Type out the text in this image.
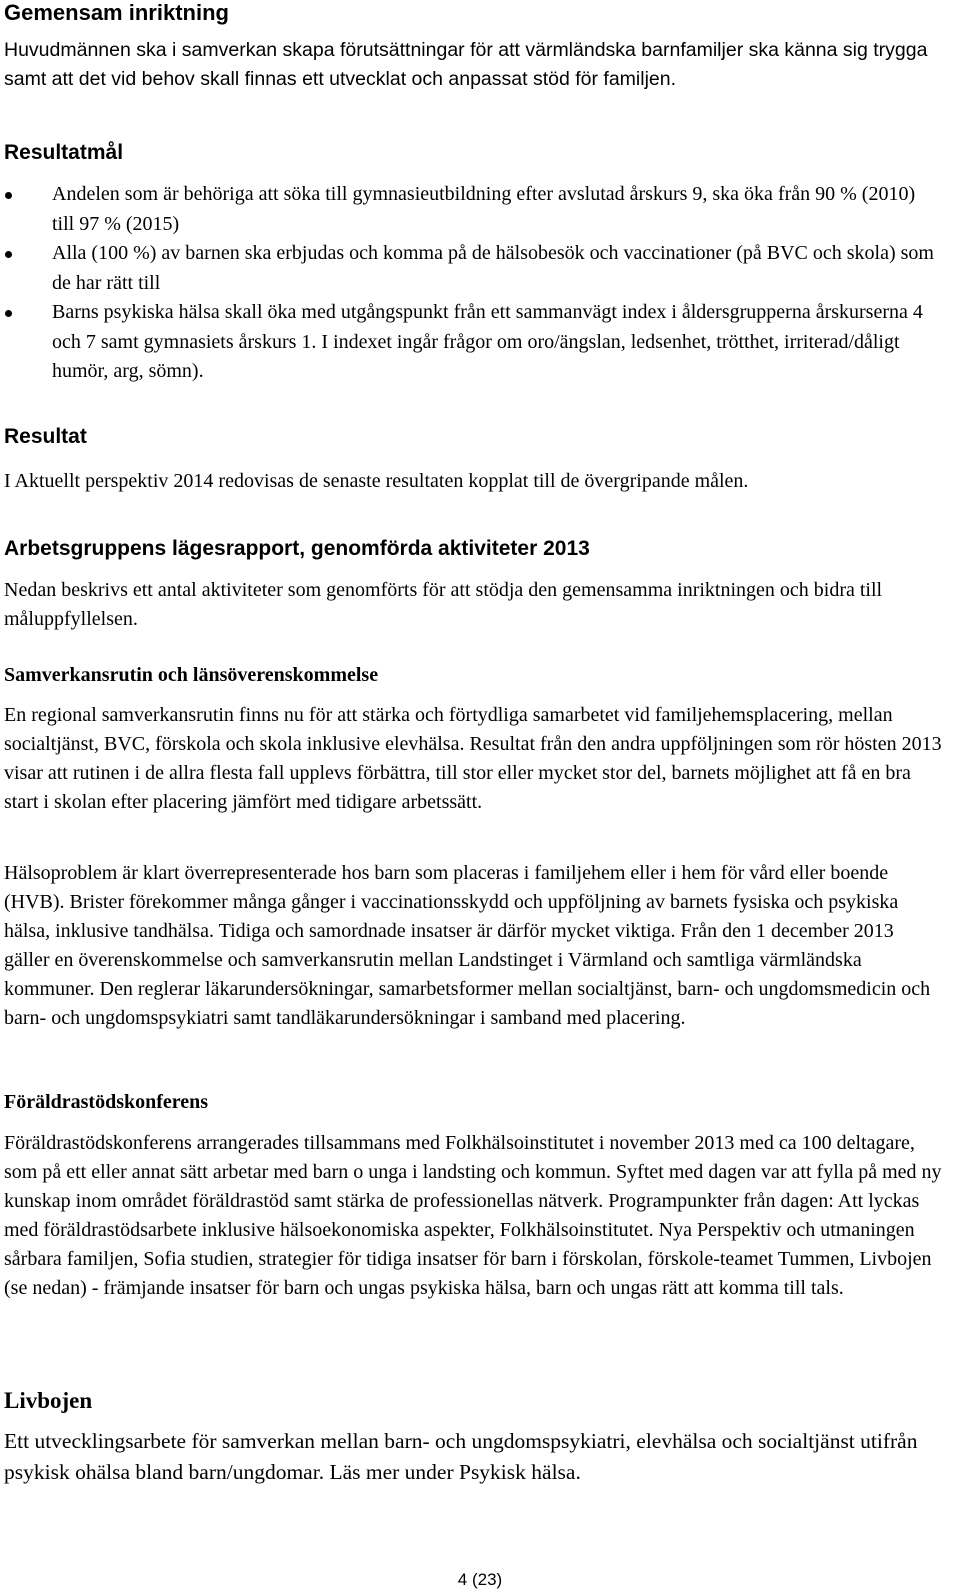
Gemensam inriktning

Huvudmännen ska i samverkan skapa förutsättningar för att värmländska barnfamiljer ska känna sig trygga samt att det vid behov skall finnas ett utvecklat och anpassat stöd för familjen.

Resultatmål
Andelen som är behöriga att söka till gymnasieutbildning efter avslutad årskurs 9, ska öka från 90 % (2010) till 97 % (2015)
Alla (100 %) av barnen ska erbjudas och komma på de hälsobesök och vaccinationer (på BVC och skola) som de har rätt till
Barns psykiska hälsa skall öka med utgångspunkt från ett sammanvägt index i åldersgrupperna årskurserna 4 och 7 samt gymnasiets årskurs 1. I indexet ingår frågor om oro/ängslan, ledsenhet, trötthet, irriterad/dåligt humör, arg, sömn).
Resultat

I Aktuellt perspektiv 2014 redovisas de senaste resultaten kopplat till de övergripande målen.

Arbetsgruppens lägesrapport, genomförda aktiviteter 2013

Nedan beskrivs ett antal aktiviteter som genomförts för att stödja den gemensamma inriktningen och bidra till måluppfyllelsen.

Samverkansrutin och länsöverenskommelse

En regional samverkansrutin finns nu för att stärka och förtydliga samarbetet vid familjehemsplacering, mellan socialtjänst, BVC, förskola och skola inklusive elevhälsa. Resultat från den andra uppföljningen som rör hösten 2013 visar att rutinen i de allra flesta fall upplevs förbättra, till stor eller mycket stor del, barnets möjlighet att få en bra start i skolan efter placering jämfört med tidigare arbetssätt.

Hälsoproblem är klart överrepresenterade hos barn som placeras i familjehem eller i hem för vård eller boende (HVB). Brister förekommer många gånger i vaccinationsskydd och uppföljning av barnets fysiska och psykiska hälsa, inklusive tandhälsa. Tidiga och samordnade insatser är därför mycket viktiga. Från den 1 december 2013 gäller en överenskommelse och samverkansrutin mellan Landstinget i Värmland och samtliga värmländska kommuner. Den reglerar läkarundersökningar, samarbetsformer mellan socialtjänst, barn- och ungdomsmedicin och barn- och ungdomspsykiatri samt tandläkarundersökningar i samband med placering.

Föräldrastödskonferens

Föräldrastödskonferens arrangerades tillsammans med Folkhälsoinstitutet i november 2013 med ca 100 deltagare, som på ett eller annat sätt arbetar med barn o unga i landsting och kommun. Syftet med dagen var att fylla på med ny kunskap inom området föräldrastöd samt stärka de professionellas nätverk. Programpunkter från dagen: Att lyckas med föräldrastödsarbete inklusive hälsoekonomiska aspekter, Folkhälsoinstitutet. Nya Perspektiv och utmaningen sårbara familjen, Sofia studien, strategier för tidiga insatser för barn i förskolan, förskole-teamet Tummen, Livbojen (se nedan) - främjande insatser för barn och ungas psykiska hälsa, barn och ungas rätt att komma till tals.

Livbojen

Ett utvecklingsarbete för samverkan mellan barn- och ungdomspsykiatri, elevhälsa och socialtjänst utifrån psykisk ohälsa bland barn/ungdomar. Läs mer under Psykisk hälsa.

4 (23)
